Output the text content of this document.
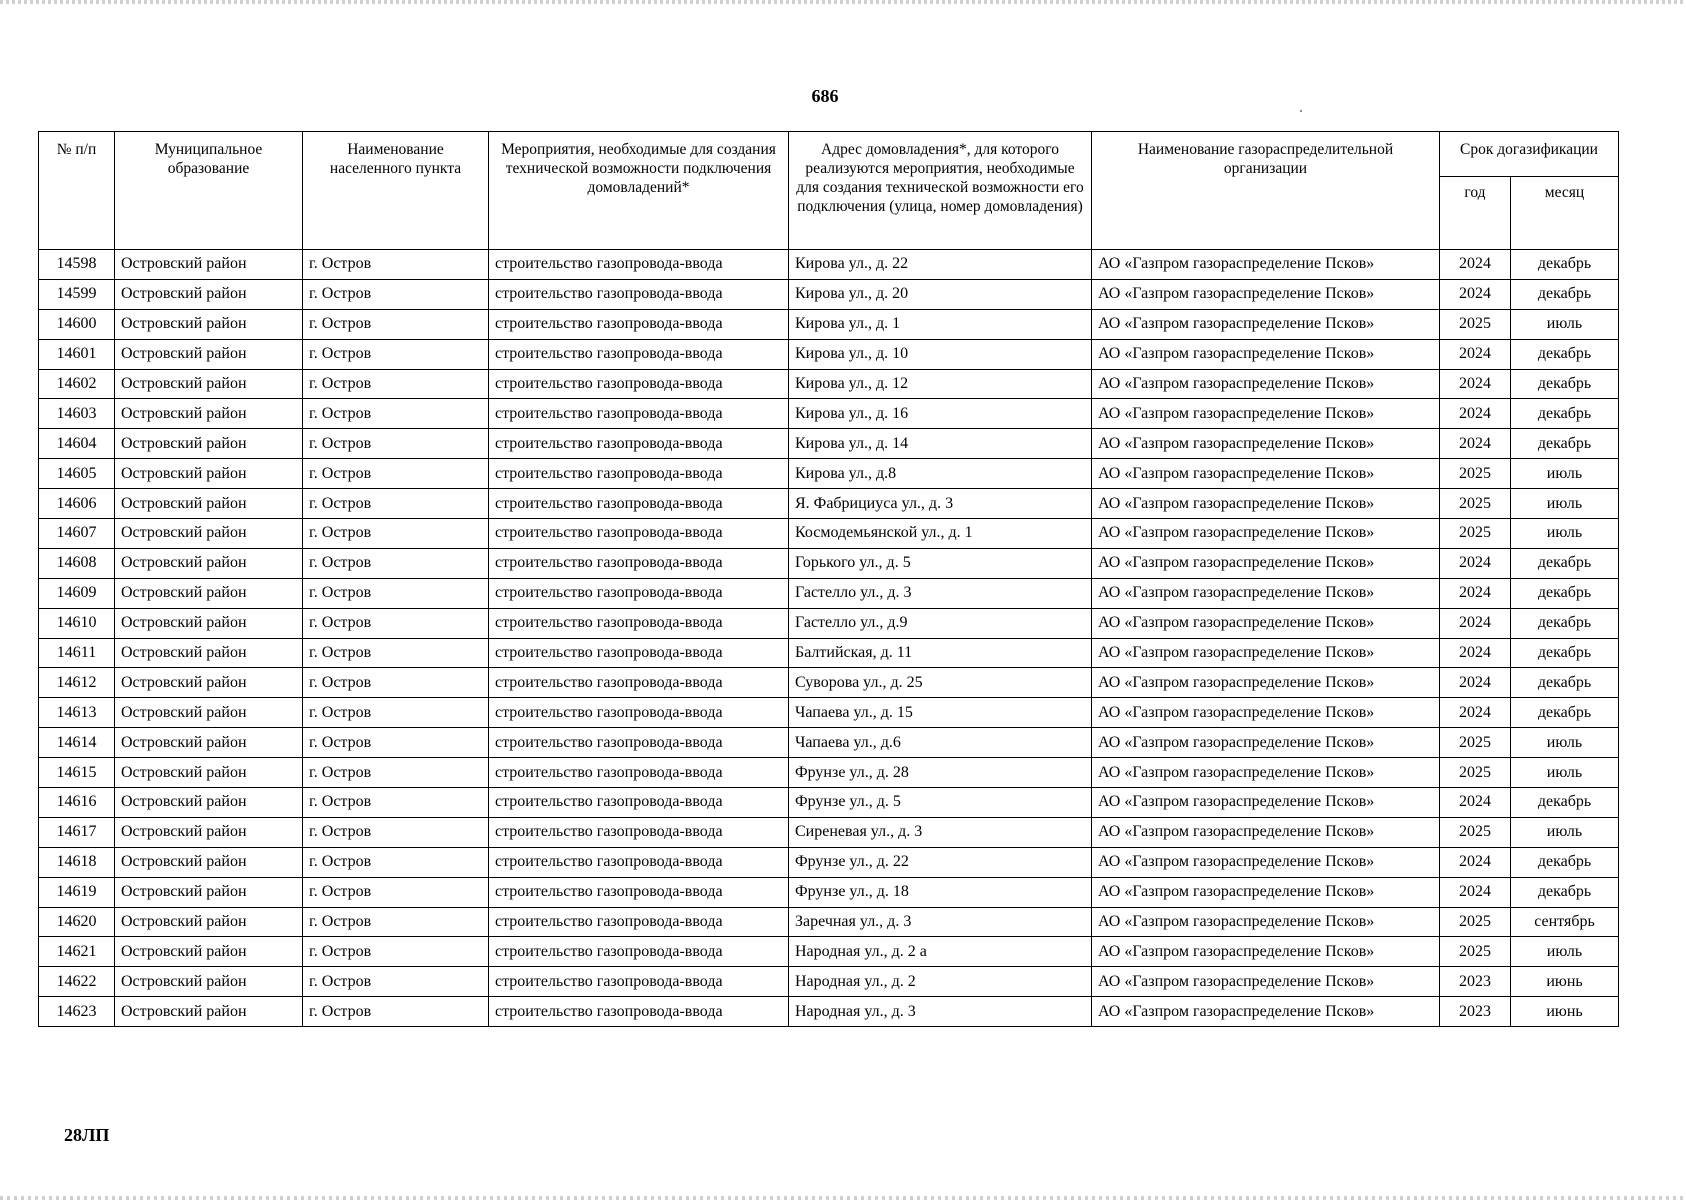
686
№ п/п	Муниципальное образование	Наименование населенного пункта	Мероприятия, необходимые для создания технической возможности подключения домовладений*	Адрес домовладения*, для которого реализуются мероприятия, необходимые для создания технической возможности его подключения (улица, номер домовладения)	Наименование газораспределительной организации	Срок догазификации	
						год	месяц
14598	Островский район	г. Остров	строительство газопровода-ввода	Кирова ул., д. 22	АО «Газпром газораспределение Псков»	2024	декабрь
14599	Островский район	г. Остров	строительство газопровода-ввода	Кирова ул., д. 20	АО «Газпром газораспределение Псков»	2024	декабрь
14600	Островский район	г. Остров	строительство газопровода-ввода	Кирова ул., д. 1	АО «Газпром газораспределение Псков»	2025	июль
14601	Островский район	г. Остров	строительство газопровода-ввода	Кирова ул., д. 10	АО «Газпром газораспределение Псков»	2024	декабрь
14602	Островский район	г. Остров	строительство газопровода-ввода	Кирова ул., д. 12	АО «Газпром газораспределение Псков»	2024	декабрь
14603	Островский район	г. Остров	строительство газопровода-ввода	Кирова ул., д. 16	АО «Газпром газораспределение Псков»	2024	декабрь
14604	Островский район	г. Остров	строительство газопровода-ввода	Кирова ул., д. 14	АО «Газпром газораспределение Псков»	2024	декабрь
14605	Островский район	г. Остров	строительство газопровода-ввода	Кирова ул., д.8	АО «Газпром газораспределение Псков»	2025	июль
14606	Островский район	г. Остров	строительство газопровода-ввода	Я. Фабрициуса ул., д. 3	АО «Газпром газораспределение Псков»	2025	июль
14607	Островский район	г. Остров	строительство газопровода-ввода	Космодемьянской ул., д. 1	АО «Газпром газораспределение Псков»	2025	июль
14608	Островский район	г. Остров	строительство газопровода-ввода	Горького ул., д. 5	АО «Газпром газораспределение Псков»	2024	декабрь
14609	Островский район	г. Остров	строительство газопровода-ввода	Гастелло ул., д. 3	АО «Газпром газораспределение Псков»	2024	декабрь
14610	Островский район	г. Остров	строительство газопровода-ввода	Гастелло ул., д.9	АО «Газпром газораспределение Псков»	2024	декабрь
14611	Островский район	г. Остров	строительство газопровода-ввода	Балтийская, д. 11	АО «Газпром газораспределение Псков»	2024	декабрь
14612	Островский район	г. Остров	строительство газопровода-ввода	Суворова ул., д. 25	АО «Газпром газораспределение Псков»	2024	декабрь
14613	Островский район	г. Остров	строительство газопровода-ввода	Чапаева ул., д. 15	АО «Газпром газораспределение Псков»	2024	декабрь
14614	Островский район	г. Остров	строительство газопровода-ввода	Чапаева ул., д.6	АО «Газпром газораспределение Псков»	2025	июль
14615	Островский район	г. Остров	строительство газопровода-ввода	Фрунзе ул., д. 28	АО «Газпром газораспределение Псков»	2025	июль
14616	Островский район	г. Остров	строительство газопровода-ввода	Фрунзе ул., д. 5	АО «Газпром газораспределение Псков»	2024	декабрь
14617	Островский район	г. Остров	строительство газопровода-ввода	Сиреневая ул., д. 3	АО «Газпром газораспределение Псков»	2025	июль
14618	Островский район	г. Остров	строительство газопровода-ввода	Фрунзе ул., д. 22	АО «Газпром газораспределение Псков»	2024	декабрь
14619	Островский район	г. Остров	строительство газопровода-ввода	Фрунзе ул., д. 18	АО «Газпром газораспределение Псков»	2024	декабрь
14620	Островский район	г. Остров	строительство газопровода-ввода	Заречная ул., д. 3	АО «Газпром газораспределение Псков»	2025	сентябрь
14621	Островский район	г. Остров	строительство газопровода-ввода	Народная ул., д. 2 а	АО «Газпром газораспределение Псков»	2025	июль
14622	Островский район	г. Остров	строительство газопровода-ввода	Народная ул., д. 2	АО «Газпром газораспределение Псков»	2023	июнь
14623	Островский район	г. Остров	строительство газопровода-ввода	Народная ул., д. 3	АО «Газпром газораспределение Псков»	2023	июнь
28ЛП
